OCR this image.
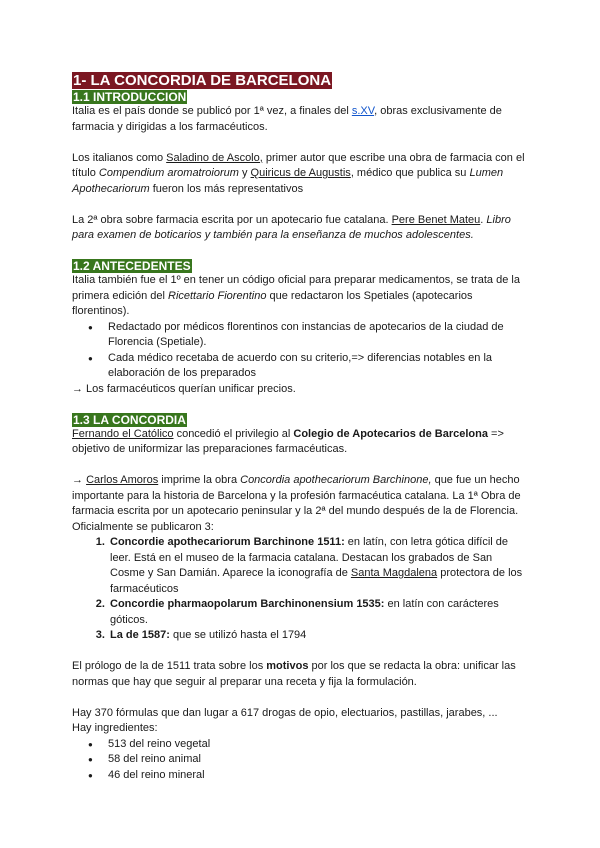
1- LA CONCORDIA DE BARCELONA
1.1 INTRODUCCION

Italia es el país donde se publicó por 1ª vez, a finales del s.XV, obras exclusivamente de farmacia y dirigidas a los farmacéuticos.

Los italianos como Saladino de Ascolo, primer autor que escribe una obra de farmacia con el título Compendium aromatroiorum y Quiricus de Augustis, médico que publica su Lumen Apothecariorum fueron los más representativos

La 2ª obra sobre farmacia escrita por un apotecario fue catalana. Pere Benet Mateu. Libro para examen de boticarios y también para la enseñanza de muchos adolescentes.

1.2 ANTECEDENTES

Italia también fue el 1º en tener un código oficial para preparar medicamentos, se trata de la primera edición del Ricettario Fiorentino que redactaron los Spetiales (apotecarios florentinos).

● Redactado por médicos florentinos con instancias de apotecarios de la ciudad de Florencia (Spetiale).
● Cada médico recetaba de acuerdo con su criterio,=> diferencias notables en la elaboración de los preparados

→ Los farmacéuticos querían unificar precios.

1.3 LA CONCORDIA

Fernando el Católico concedió el privilegio al Colegio de Apotecarios de Barcelona => objetivo de uniformizar las preparaciones farmacéuticas.

→ Carlos Amoros imprime la obra Concordia apothecariorum Barchinone, que fue un hecho importante para la historia de Barcelona y la profesión farmacéutica catalana. La 1ª Obra de farmacia escrita por un apotecario peninsular y la 2ª del mundo después de la de Florencia. Oficialmente se publicaron 3:

1. Concordie apothecariorum Barchinone 1511: en latín, con letra gótica difícil de leer. Está en el museo de la farmacia catalana. Destacan los grabados de San Cosme y San Damián. Aparece la iconografía de Santa Magdalena protectora de los farmacéuticos
2. Concordie pharmaopolarum Barchinonensium 1535: en latín con carácteres góticos.
3. La de 1587: que se utilizó hasta el 1794

El prólogo de la de 1511 trata sobre los motivos por los que se redacta la obra: unificar las normas que hay que seguir al preparar una receta y fija la formulación.

Hay 370 fórmulas que dan lugar a 617 drogas de opio, electuarios, pastillas, jarabes, ...

Hay ingredientes:

● 513 del reino vegetal
● 58 del reino animal
● 46 del reino mineral
